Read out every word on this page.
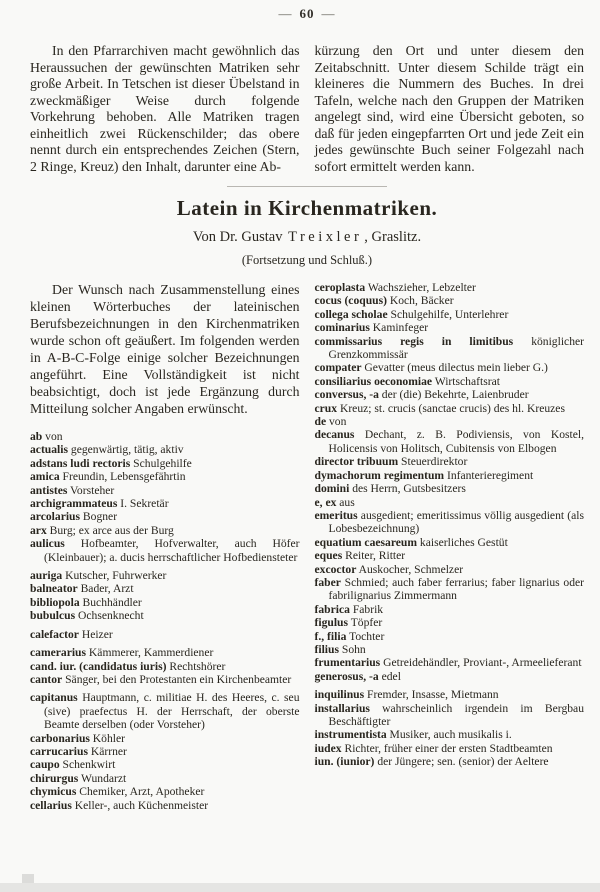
— 60 —

In den Pfarrarchiven macht gewöhnlich das Heraussuchen der gewünschten Matriken sehr große Arbeit. In Tetschen ist dieser Übelstand in zweckmäßiger Weise durch folgende Vorkehrung behoben. Alle Matriken tragen einheitlich zwei Rückenschilder; das obere nennt durch ein entsprechendes Zeichen (Stern, 2 Ringe, Kreuz) den Inhalt, darunter eine Ab-

kürzung den Ort und unter diesem den Zeitabschnitt. Unter diesem Schilde trägt ein kleineres die Nummern des Buches. In drei Tafeln, welche nach den Gruppen der Matriken angelegt sind, wird eine Übersicht geboten, so daß für jeden eingepfarrten Ort und jede Zeit ein jedes gewünschte Buch seiner Folgezahl nach sofort ermittelt werden kann.

Latein in Kirchenmatriken.
Von Dr. Gustav Treixler , Graslitz.
(Fortsetzung und Schluß.)

Der Wunsch nach Zusammenstellung eines kleinen Wörterbuches der lateinischen Berufsbezeichnungen in den Kirchenmatriken wurde schon oft geäußert. Im folgenden werden in A-B-C-Folge einige solcher Bezeichnungen angeführt. Eine Vollständigkeit ist nicht beabsichtigt, doch ist jede Ergänzung durch Mitteilung solcher Angaben erwünscht.

ab von
actualis gegenwärtig, tätig, aktiv
adstans ludi rectoris Schulgehilfe
amica Freundin, Lebensgefährtin
antistes Vorsteher
archigrammateus I. Sekretär
arcolarius Bogner
arx Burg; ex arce aus der Burg
aulicus Hofbeamter, Hofverwalter, auch Höfer (Kleinbauer); a. ducis herrschaftlicher Hofbediensteter
auriga Kutscher, Fuhrwerker
balneator Bader, Arzt
bibliopola Buchhändler
bubulcus Ochsenknecht
calefactor Heizer
camerarius Kämmerer, Kammerdiener
cand. iur. (candidatus iuris) Rechtshörer
cantor Sänger, bei den Protestanten ein Kirchenbeamter
capitanus Hauptmann, c. militiae H. des Heeres, c. seu (sive) praefectus H. der Herrschaft, der oberste Beamte derselben (oder Vorsteher)
carbonarius Köhler
carrucarius Kärrner
caupo Schenkwirt
chirurgus Wundarzt
chymicus Chemiker, Arzt, Apotheker
cellarius Keller-, auch Küchenmeister
ceroplasta Wachszieher, Lebzelter
cocus (coquus) Koch, Bäcker
collega scholae Schulgehilfe, Unterlehrer
cominarius Kaminfeger
commissarius regis in limitibus königlicher Grenzkommissär
compater Gevatter (meus dilectus mein lieber G.)
consiliarius oeconomiae Wirtschaftsrat
conversus, -a der (die) Bekehrte, Laienbruder
crux Kreuz; st. crucis (sanctae crucis) des hl. Kreuzes
de von
decanus Dechant, z. B. Podiviensis, von Kostel, Holicensis von Holitsch, Cubitensis von Elbogen
director tribuum Steuerdirektor
dymachorum regimentum Infanterieregiment
domini des Herrn, Gutsbesitzers
e, ex aus
emeritus ausgedient; emeritissimus völlig ausgedient (als Lobesbezeichnung)
equatium caesareum kaiserliches Gestüt
eques Reiter, Ritter
excoctor Auskocher, Schmelzer
faber Schmied; auch faber ferrarius; faber lignarius oder fabrilignarius Zimmermann
fabrica Fabrik
figulus Töpfer
f., filia Tochter
filius Sohn
frumentarius Getreidehändler, Proviant-, Armeelieferant
generosus, -a edel
inquilinus Fremder, Insasse, Mietmann
installarius wahrscheinlich irgendein im Bergbau Beschäftigter
instrumentista Musiker, auch musikalis i.
iudex Richter, früher einer der ersten Stadtbeamten
iun. (iunior) der Jüngere; sen. (senior) der Aeltere
